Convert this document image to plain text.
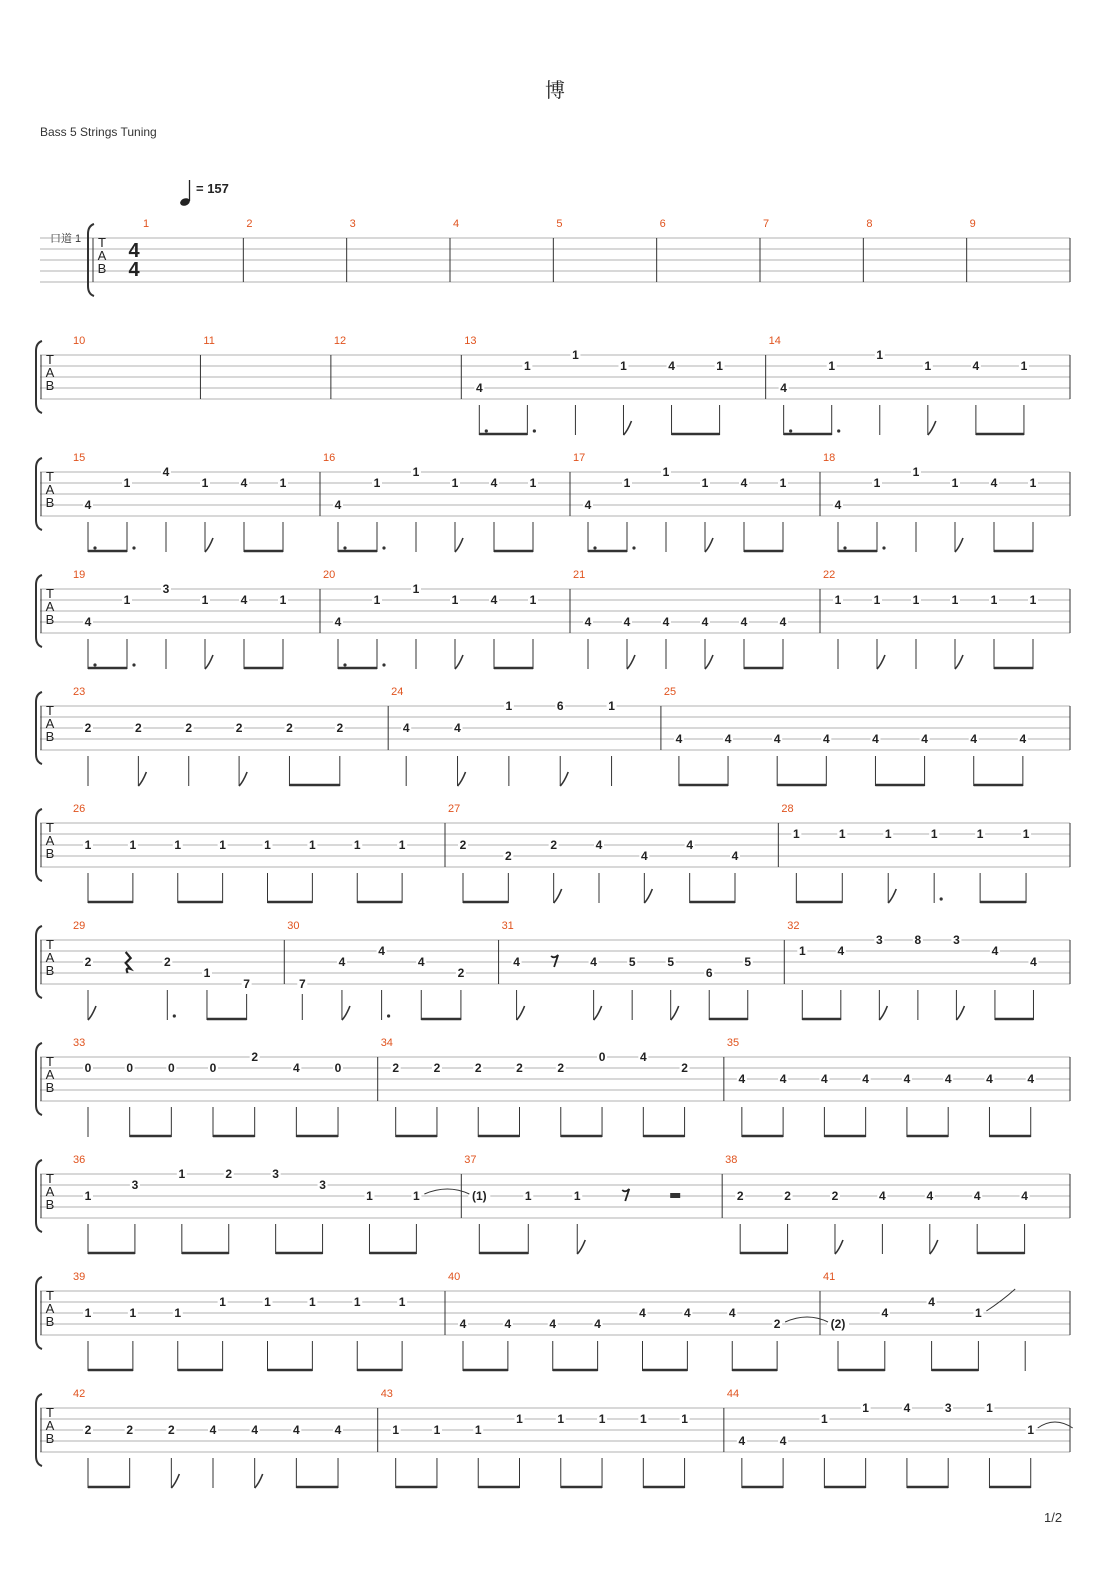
博
Bass 5 Strings Tuning
= 157
口道 1
1/2
T
A
B
4
4
1	2	3	4	5	6	7	8	9
T
A
B
10	11	12	13
4
1
1
1	4	1
14
4
1
1
1	4	1
T
A
B
15
4
1
4
1	4	1
16
4
1
1
1	4	1
17
4
1
1
1	4	1
18
4
1
1
1	4	1
T
A
B
19
4
1
3
1	4	1
20
4
1
1
1	4	1
21
4	4	4	4	4	4
22
1	1	1	1	1	1
T
A
B
23
2	2	2	2	2	2
24
4	4
1	6	1
25
4	4	4	4	4	4	4	4
T
A
B
26
1	1	1	1	1	1	1	1
27
2
2
2	4
4
4
4
28
1	1	1	1	1	1
T
A
B
29
2	2
1
7
30
7
4
4
4
2
31
4	4	5	5
6
5
32
1	4
3	8	3
4
4
T
A
B
33
0	0	0	0
2
4	0
34
2	2	2	2	2
0	4
2
35
4	4	4	4	4	4	4	4
T
A
B
36
1
3
1	2	3
3
1	1
37
(1)	1	1
38
2	2	2	4	4	4	4
T
A
B
39
1	1	1
1	1	1	1	1
40
4	4	4	4
4	4	4
2
41
(2)
4
4
1
T
A
B
42
2	2	2	4	4	4	4
43
1	1	1
1	1	1	1	1
44
4	4
1
1	4	3	1
1
